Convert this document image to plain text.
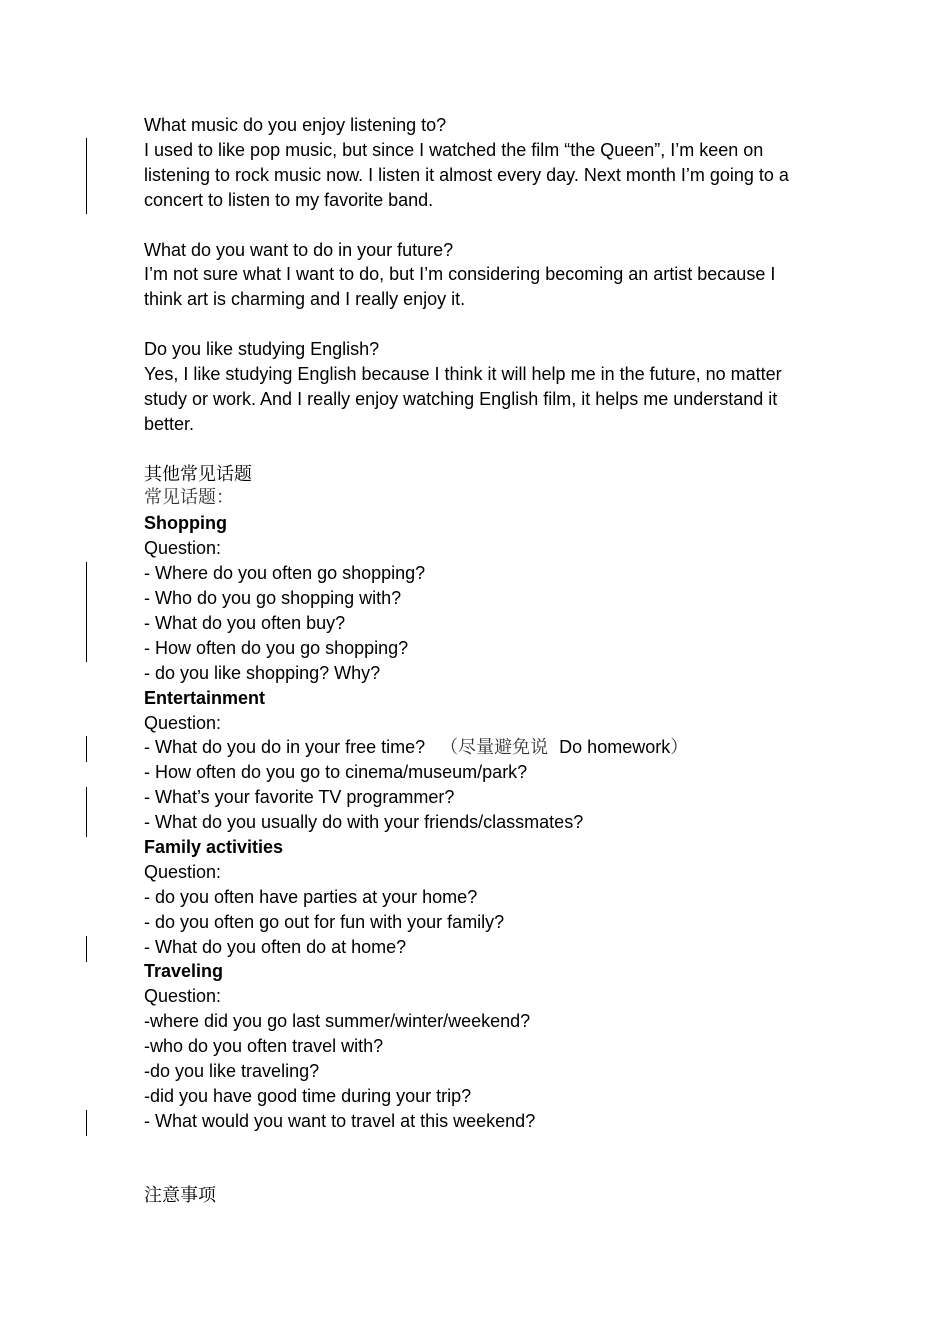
What music do you enjoy listening to?
I used to like pop music, but since I watched the film “the Queen”, I’m keen on listening to rock music now. I listen it almost every day. Next month I’m going to a concert to listen to my favorite band.
What do you want to do in your future?
I’m not sure what I want to do, but I’m considering becoming an artist because I think art is charming and I really enjoy it.
Do you like studying English?
Yes, I like studying English because I think it will help me in the future, no matter study or work. And I really enjoy watching English film, it helps me understand it better.
其他常见话题
常见话题：
Shopping
Question:
- Where do you often go shopping?
- Who do you go shopping with?
- What do you often buy?
- How often do you go shopping?
- do you like shopping? Why?
Entertainment
Question:
- What do you do in your free time? （尽量避免说 Do homework）
- How often do you go to cinema/museum/park?
- What’s your favorite TV programmer?
- What do you usually do with your friends/classmates?
Family activities
Question:
- do you often have parties at your home?
- do you often go out for fun with your family?
- What do you often do at home?
Traveling
Question:
-where did you go last summer/winter/weekend?
-who do you often travel with?
-do you like traveling?
-did you have good time during your trip?
- What would you want to travel at this weekend?
注意事项
